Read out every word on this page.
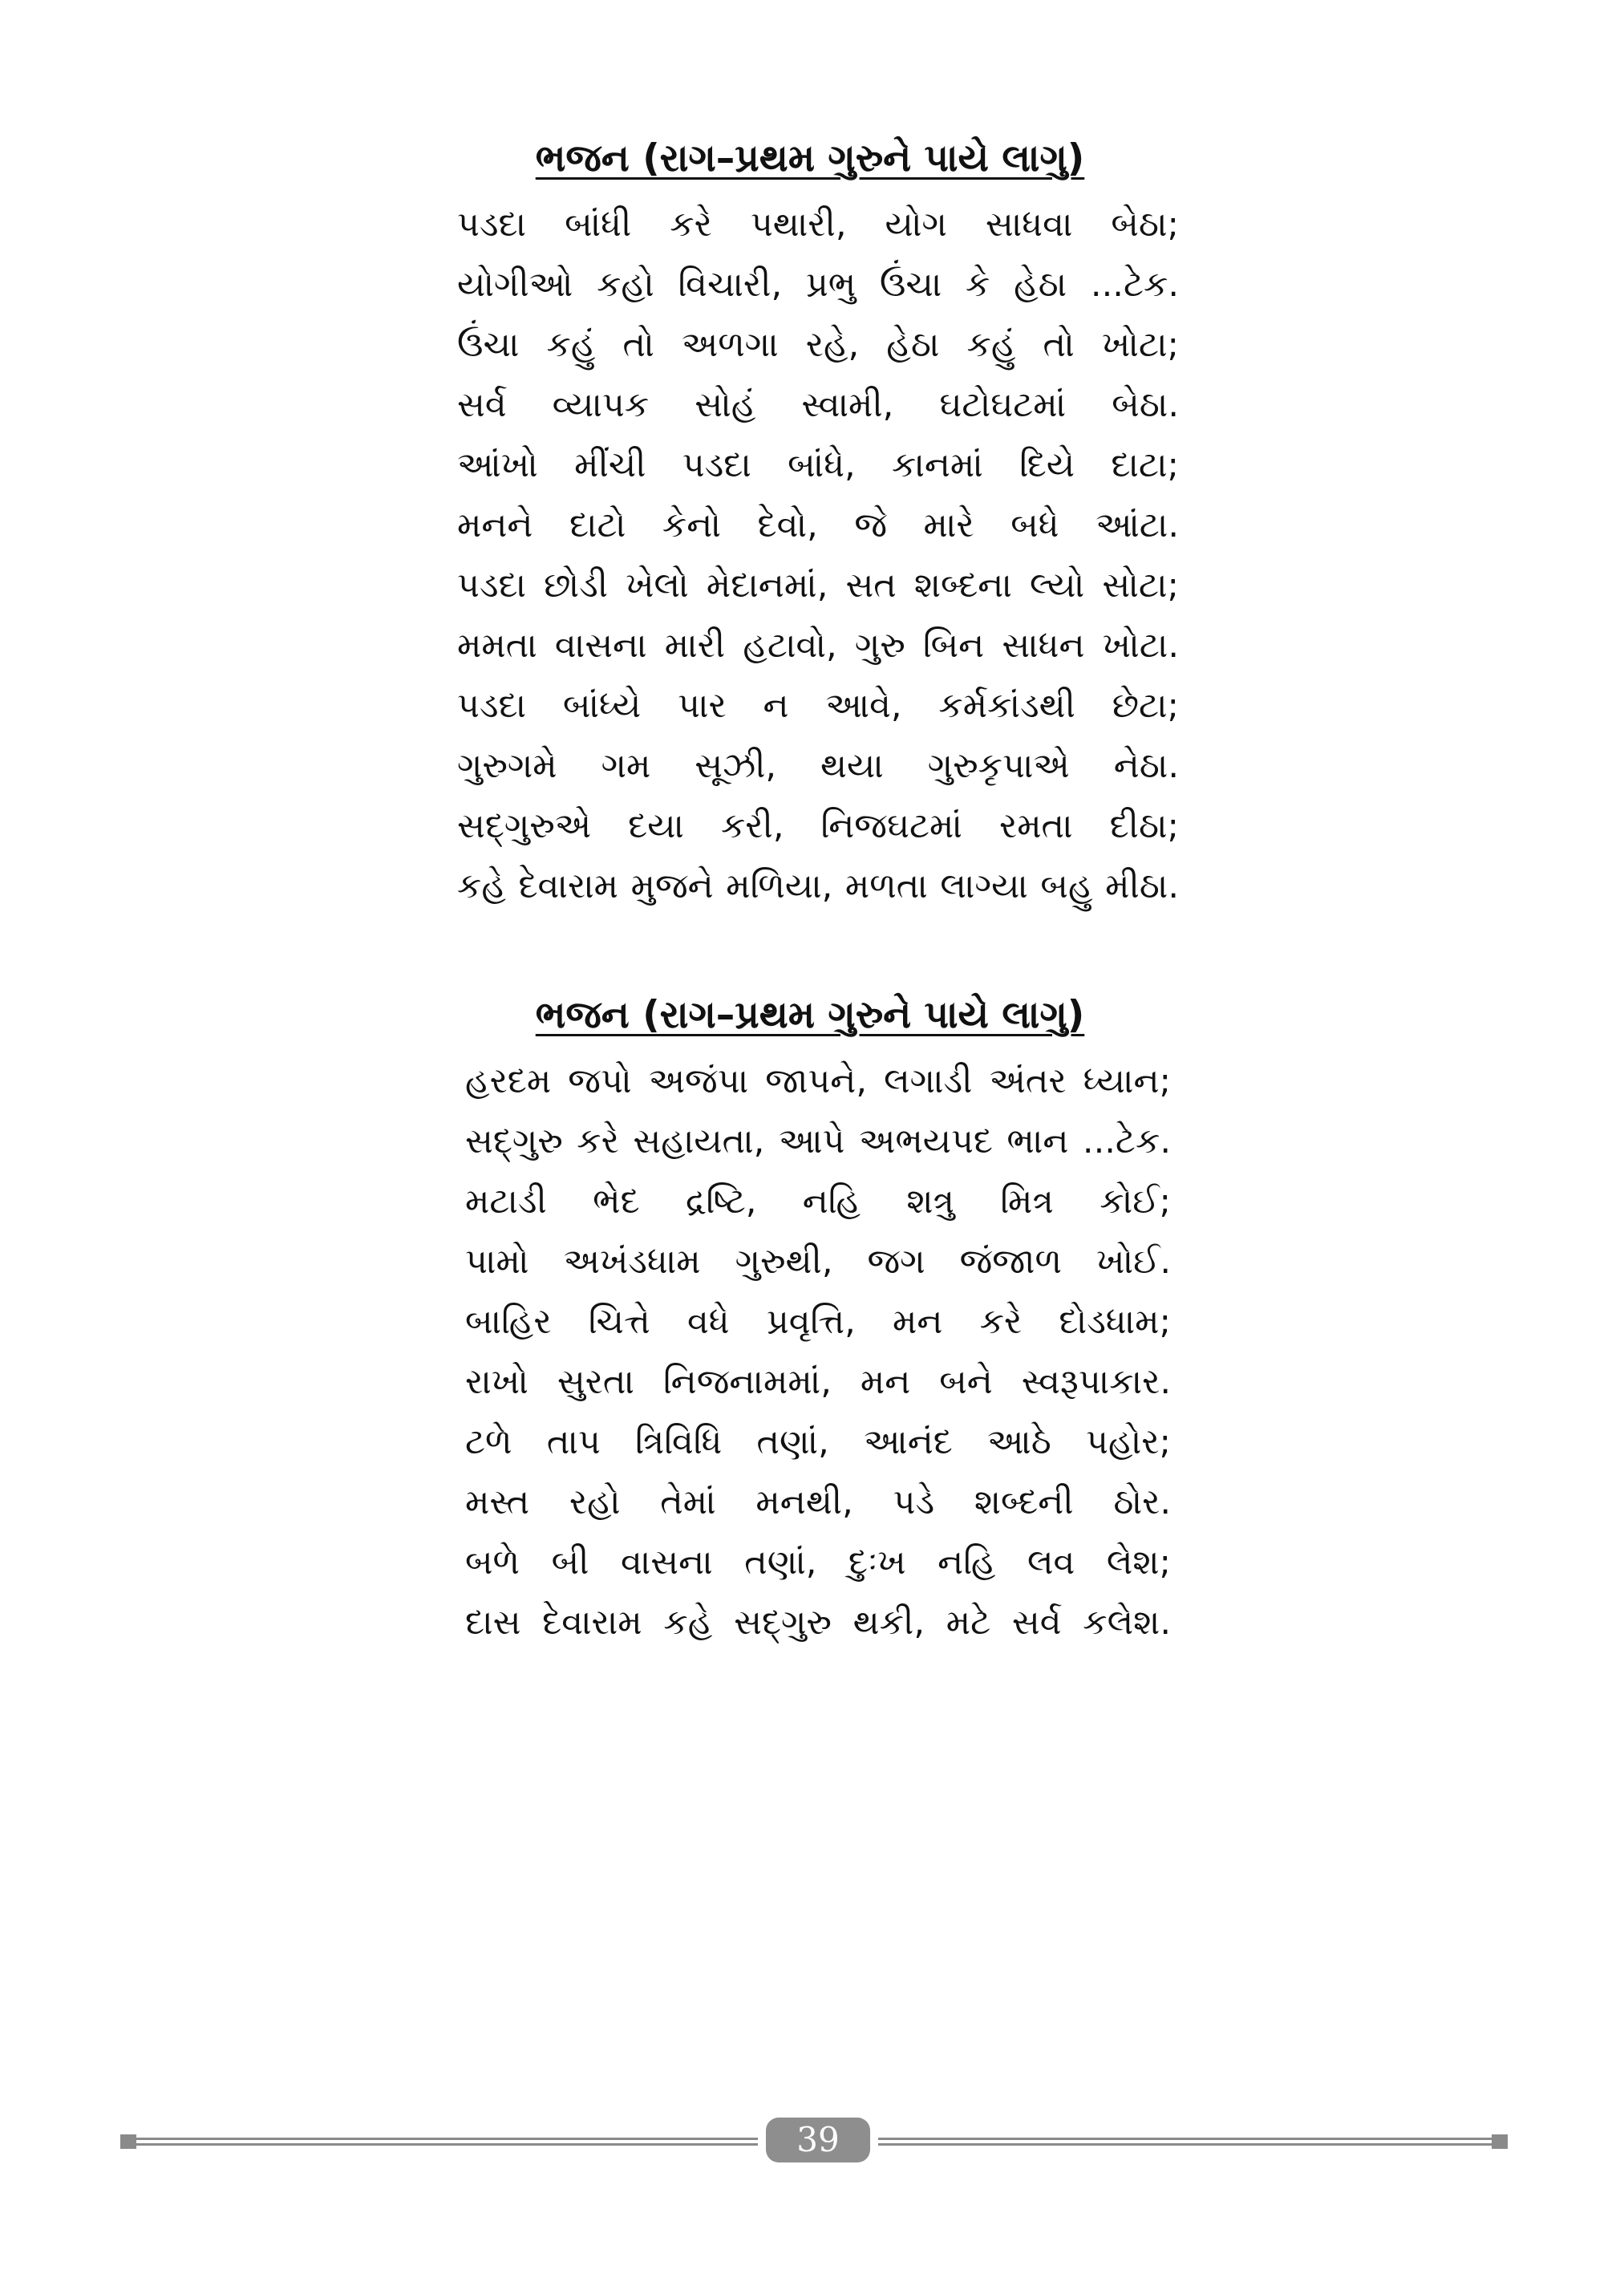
ભજન (રાગ–પ્રથમ ગુરુને પાયે લાગુ)
પડદા બાંધી કરે પથારી, યોગ સાધવા બેઠા;
યોગીઓ કહો વિચારી, પ્રભુ ઉંચા કે હેઠા ...ટેક.
ઉંચા કહું તો અળગા રહે, હેઠા કહું તો ખોટા;
સર્વ વ્યાપક સોહં સ્વામી, ઘટોઘટમાં બેઠા.
આંખો મીંચી પડદા બાંધે, કાનમાં દિયે દાટા;
મનને દાટો કેનો દેવો, જે મારે બધે આંટા.
પડદા છોડી ખેલો મેદાનમાં, સત શબ્દના લ્યો સોટા;
મમતા વાસના મારી હટાવો, ગુરુ બિન સાધન ખોટા.
પડદા બાંધ્યે પાર ન આવે, કર્મકાંડથી છેટા;
ગુરુગમે ગમ સૂઝી, થયા ગુરુકૃપાએ નેઠા.
સદ્‌ગુરુએ દયા કરી, નિજઘટમાં રમતા દીઠા;
કહે દેવારામ મુજને મળિયા, મળતા લાગ્યા બહુ મીઠા.
ભજન (રાગ–પ્રથમ ગુરુને પાયે લાગુ)
હરદમ જપો અજંપા જાપને, લગાડી અંતર ધ્યાન;
સદ્‌ગુરુ કરે સહાયતા, આપે અભયપદ ભાન ...ટેક.
મટાડી ભેદ દ્રષ્ટિ, નહિ શત્રુ મિત્ર કોઈ;
પામો અખંડધામ ગુરુથી, જગ જંજાળ ખોઈ.
બાહિર ચિત્તે વધે પ્રવૃત્તિ, મન કરે દોડધામ;
રાખો સુરતા નિજનામમાં, મન બને સ્વરૂપાકાર.
ટળે તાપ ત્રિવિધિ તણાં, આનંદ આઠે પહોર;
મસ્ત રહો તેમાં મનથી, પડે શબ્દની ઠોર.
બળે બી વાસના તણાં, દુઃખ નહિ લવ લેશ;
દાસ દેવારામ કહે સદ્‌ગુરુ થકી, મટે સર્વ કલેશ.
39
